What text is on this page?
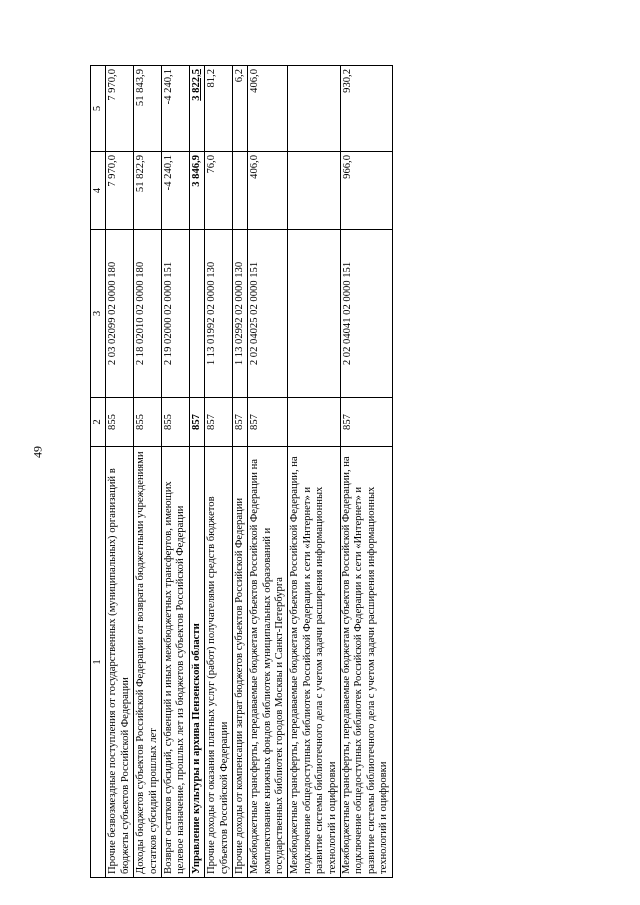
49
1	2	3	4	5
Прочие безвозмездные поступления от государственных (муниципальных) организаций в бюджеты субъектов Российской Федерации	855	2 03 02099 02 0000 180	7 970,0	7 970,0
Доходы бюджетов субъектов Российской Федерации от возврата бюджетными учреждениями остатков субсидий прошлых лет	855	2 18 02010 02 0000 180	51 822,9	51 843,9
Возврат остатков субсидий, субвенций и иных межбюджетных трансфертов, имеющих целевое назначение, прошлых лет из бюджетов субъектов Российской Федерации	855	2 19 02000 02 0000 151	-4 240,1	-4 240,1
Управление культуры и архива Пензенской области	857		3 846,9	3 822,5
Прочие доходы от оказания платных услуг (работ) получателями средств бюджетов субъектов Российской Федерации	857	1 13 01992 02 0000 130	76,0	81,2
Прочие доходы от компенсации затрат бюджетов субъектов Российской Федерации	857	1 13 02992 02 0000 130		6,2
Межбюджетные трансферты, передаваемые бюджетам субъектов Российской Федерации на комплектование книжных фондов библиотек муниципальных образований и государственных библиотек городов Москвы и Санкт-Петербурга	857	2 02 04025 02 0000 151	406,0	406,0
Межбюджетные трансферты, передаваемые бюджетам субъектов Российской Федерации, на подключение общедоступных библиотек Российской Федерации к сети «Интернет» и развитие системы библиотечного дела с учетом задачи расширения информационных технологий и оцифровки				
Межбюджетные трансферты, передаваемые бюджетам субъектов Российской Федерации, на подключение общедоступных библиотек Российской Федерации к сети «Интернет» и развитие системы библиотечного дела с учетом задачи расширения информационных технологий и оцифровки	857	2 02 04041 02 0000 151	966,0	930,2
